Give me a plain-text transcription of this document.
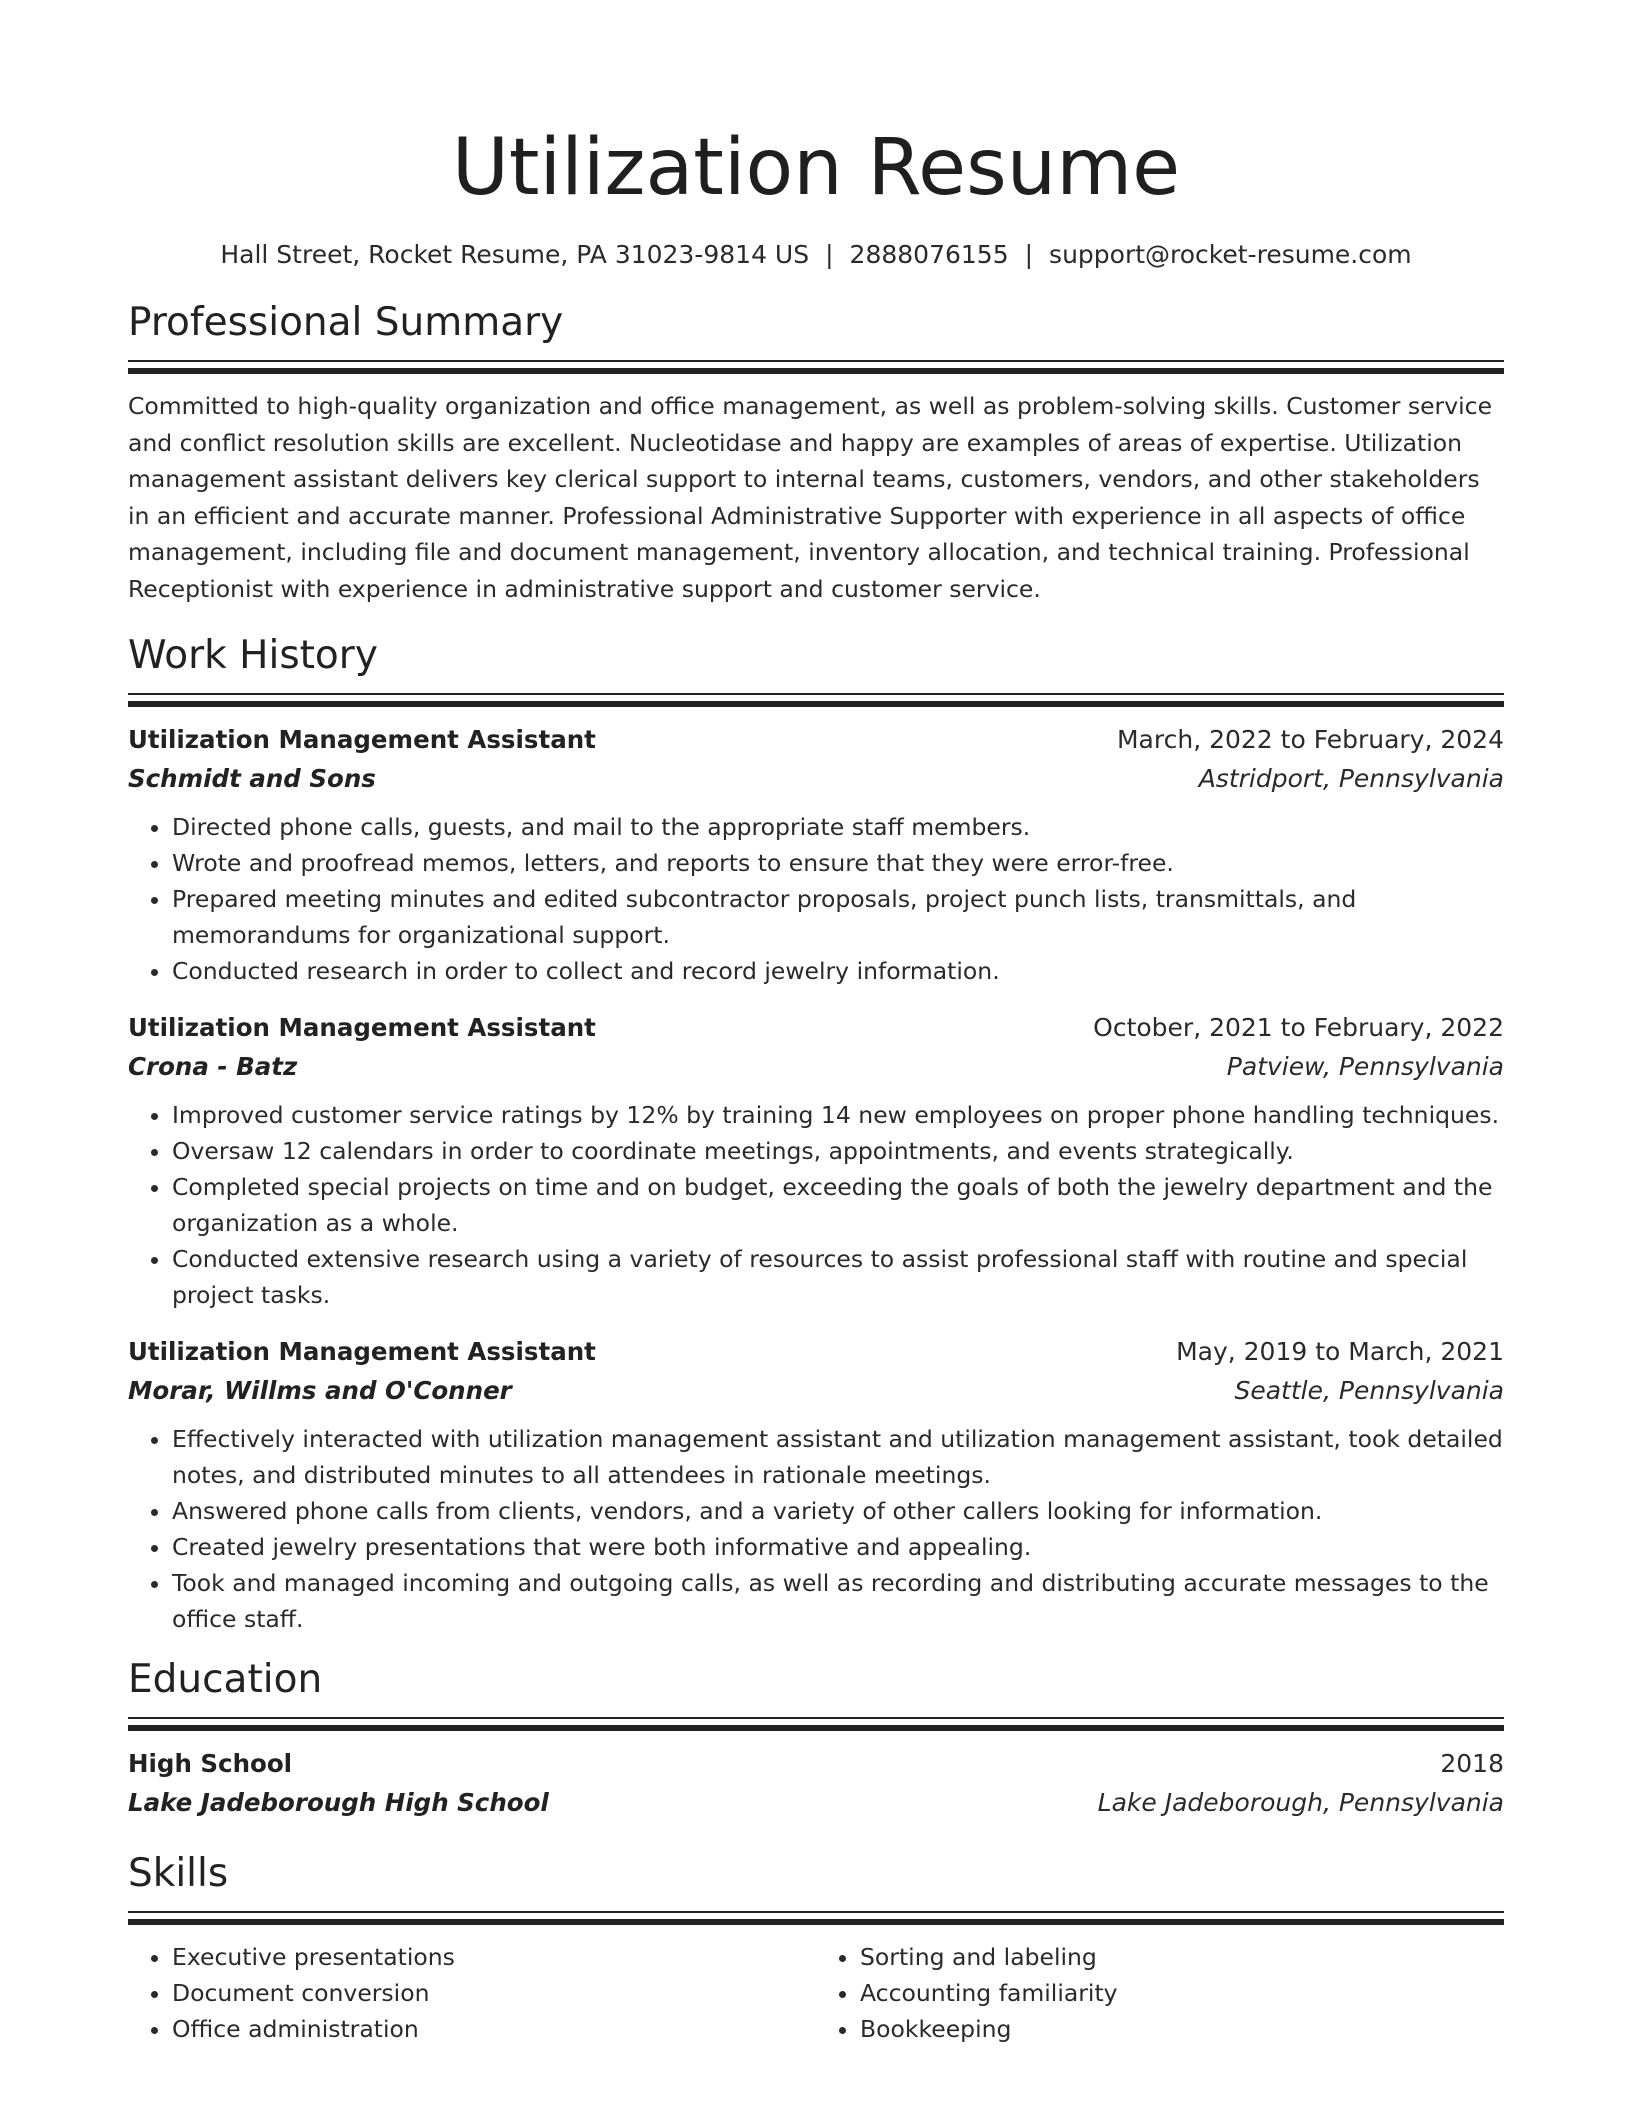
Utilization Resume
Hall Street, Rocket Resume, PA 31023-9814 US | 2888076155 | support@rocket-resume.com
Professional Summary

Committed to high-quality organization and office management, as well as problem-solving skills. Customer service and conflict resolution skills are excellent. Nucleotidase and happy are examples of areas of expertise. Utilization management assistant delivers key clerical support to internal teams, customers, vendors, and other stakeholders in an efficient and accurate manner. Professional Administrative Supporter with experience in all aspects of office management, including file and document management, inventory allocation, and technical training. Professional Receptionist with experience in administrative support and customer service.

Work History
Utilization Management Assistant	March, 2022 to February, 2024
Schmidt and Sons	Astridport, Pennsylvania
• Directed phone calls, guests, and mail to the appropriate staff members.
• Wrote and proofread memos, letters, and reports to ensure that they were error-free.
• Prepared meeting minutes and edited subcontractor proposals, project punch lists, transmittals, and memorandums for organizational support.
• Conducted research in order to collect and record jewelry information.
Utilization Management Assistant	October, 2021 to February, 2022
Crona - Batz	Patview, Pennsylvania
• Improved customer service ratings by 12% by training 14 new employees on proper phone handling techniques.
• Oversaw 12 calendars in order to coordinate meetings, appointments, and events strategically.
• Completed special projects on time and on budget, exceeding the goals of both the jewelry department and the organization as a whole.
• Conducted extensive research using a variety of resources to assist professional staff with routine and special project tasks.
Utilization Management Assistant	May, 2019 to March, 2021
Morar, Willms and O'Conner	Seattle, Pennsylvania
• Effectively interacted with utilization management assistant and utilization management assistant, took detailed notes, and distributed minutes to all attendees in rationale meetings.
• Answered phone calls from clients, vendors, and a variety of other callers looking for information.
• Created jewelry presentations that were both informative and appealing.
• Took and managed incoming and outgoing calls, as well as recording and distributing accurate messages to the office staff.
Education
High School	2018
Lake Jadeborough High School	Lake Jadeborough, Pennsylvania
Skills
• Executive presentations
• Document conversion
• Office administration
• Sorting and labeling
• Accounting familiarity
• Bookkeeping
